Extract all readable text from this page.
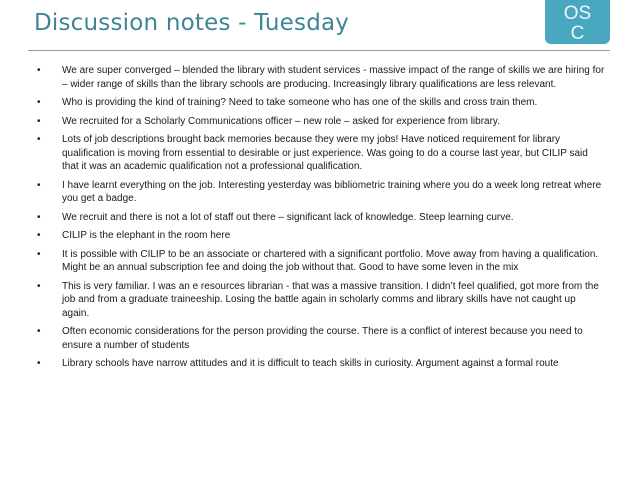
Discussion notes - Tuesday	OS
C
•	We are super converged – blended the library with student services - massive impact of the range of skills we are hiring for – wider range of skills than the library schools are producing. Increasingly library qualifications are less relevant.
•	Who is providing the kind of training? Need to take someone who has one of the skills and cross train them.
•	We recruited for a Scholarly Communications officer – new role – asked for experience from library.
•	Lots of job descriptions brought back memories because they were my jobs! Have noticed requirement for library qualification is moving from essential to desirable or just experience. Was going to do a course last year, but CILIP said that it was an academic qualification not a professional qualification.
•	I have learnt everything on the job. Interesting yesterday was bibliometric training where you do a week long retreat where you get a badge.
•	We recruit and there is not a lot of staff out there – significant lack of knowledge. Steep learning curve.
•	CILIP is the elephant in the room here
•	It is possible with CILIP to be an associate or chartered with a significant portfolio. Move away from having a qualification. Might be an annual subscription fee and doing the job without that. Good to have some leven in the mix
•	This is very familiar. I was an e resources librarian - that was a massive transition. I didn’t feel qualified, got more from the job and from a graduate traineeship. Losing the battle again in scholarly comms and library skills have not caught up again.
•	Often economic considerations for the person providing the course. There is a conflict of interest because you need to ensure a number of students
•	Library schools have narrow attitudes and it is difficult to teach skills in curiosity. Argument against a formal route
